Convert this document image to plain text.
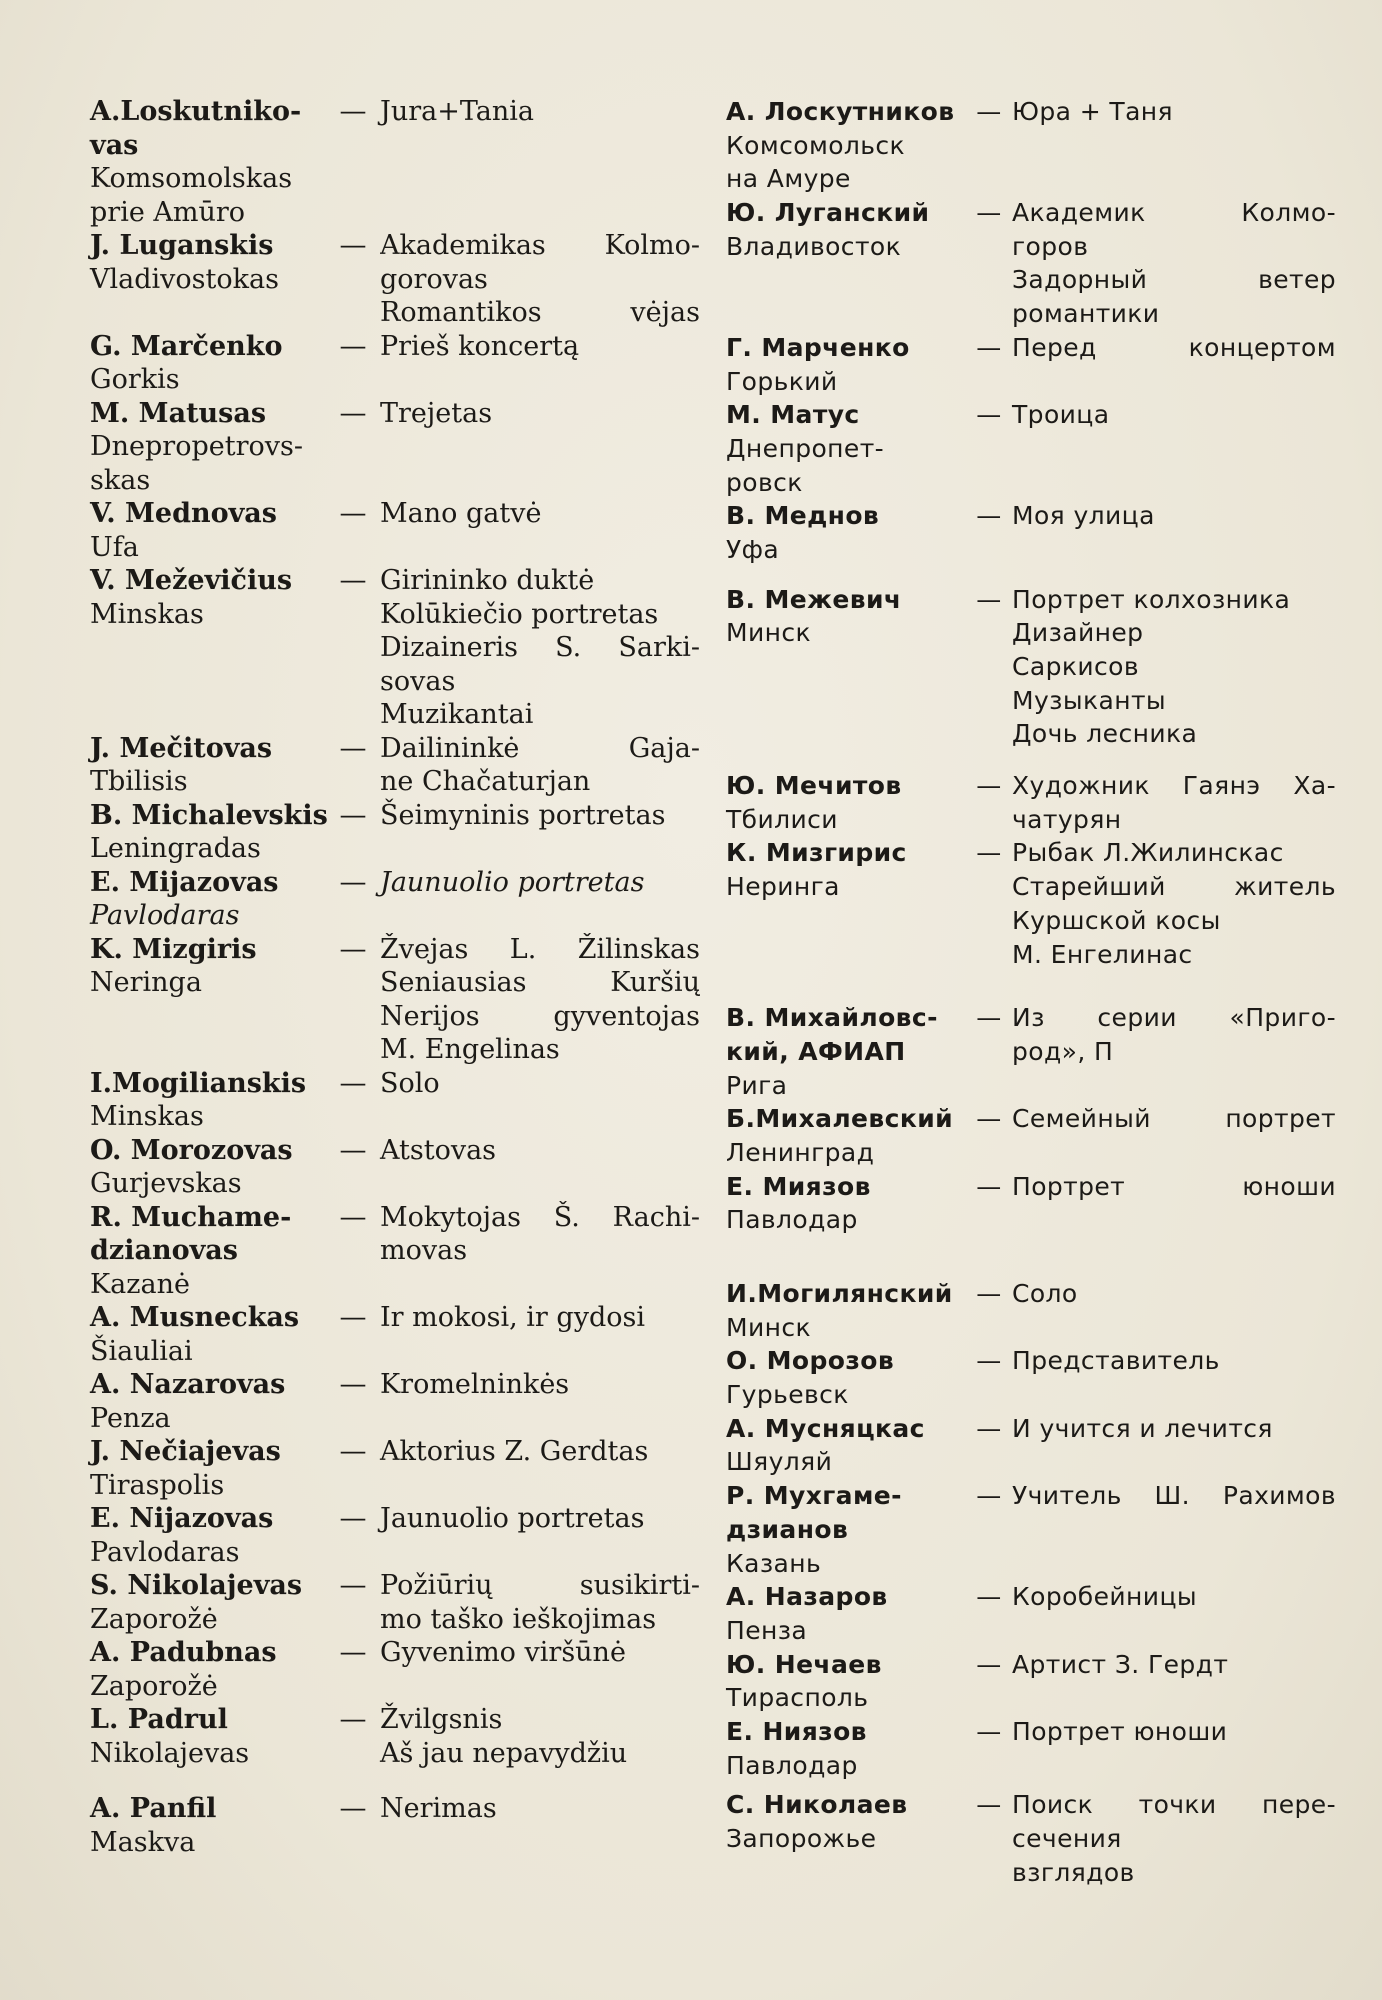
A.Loskutniko-
vas
Komsomolskas
prie Amūro
— Jura+Tania
J. Luganskis
Vladivostokas
— Akademikas Kolmo-
gorovas
Romantikos vėjas
G. Marčenko
Gorkis
— Prieš koncertą
M. Matusas
Dnepropetrovs-
skas
— Trejetas
V. Mednovas
Ufa
— Mano gatvė
V. Meževičius
Minskas
— Girininko duktė
Kolūkiečio portretas
Dizaineris S. Sarki-
sovas
Muzikantai
J. Mečitovas
Tbilisis
— Dailininkė Gaja-
ne Chačaturjan
B. Michalevskis
Leningradas
— Šeimyninis portretas
E. Mijazovas
Pavlodaras
— Jaunuolio portretas
K. Mizgiris
Neringa
— Žvejas L. Žilinskas
Seniausias Kuršių
Nerijos gyventojas
M. Engelinas
I.Mogilianskis
Minskas
— Solo
O. Morozovas
Gurjevskas
— Atstovas
R. Muchame-
dzianovas
Kazanė
— Mokytojas Š. Rachi-
movas
A. Musneckas
Šiauliai
— Ir mokosi, ir gydosi
A. Nazarovas
Penza
— Kromelninkės
J. Nečiajevas
Tiraspolis
— Aktorius Z. Gerdtas
E. Nijazovas
Pavlodaras
— Jaunuolio portretas
S. Nikolajevas
Zaporožė
— Požiūrių susikirti-
mo taško ieškojimas
A. Padubnas
Zaporožė
— Gyvenimo viršūnė
L. Padrul
Nikolajevas
— Žvilgsnis
Aš jau nepavydžiu
A. Panfil
Maskva
— Nerimas
А. Лоскутников
Комсомольск
на Амуре
— Юра + Таня
Ю. Луганский
Владивосток
— Академик Колмо-
горов
Задорный ветер
романтики
Г. Марченко
Горький
— Перед концертом
М. Матус
Днепропет-
ровск
— Троица
В. Меднов
Уфа
— Моя улица
В. Межевич
Минск
— Портрет колхозника
Дизайнер
Саркисов
Музыканты
Дочь лесника
Ю. Мечитов
Тбилиси
— Художник Гаянэ Ха-
чатурян
К. Мизгирис
Неринга
— Рыбак Л.Жилинскас
Старейший житель
Куршской косы
М. Енгелинас
В. Михайловс-
кий, АФИАП
Рига
— Из серии «Приго-
род», П
Б.Михалевский
Ленинград
— Семейный портрет
Е. Миязов
Павлодар
— Портрет юноши
И.Могилянский
Минск
— Соло
О. Морозов
Гурьевск
— Представитель
А. Мусняцкас
Шяуляй
— И учится и лечится
Р. Мухгаме-
дзианов
Казань
— Учитель Ш. Рахимов
А. Назаров
Пенза
— Коробейницы
Ю. Нечаев
Тирасполь
— Артист З. Гердт
Е. Ниязов
Павлодар
— Портрет юноши
С. Николаев
Запорожье
— Поиск точки пере-
сечения
взглядов
